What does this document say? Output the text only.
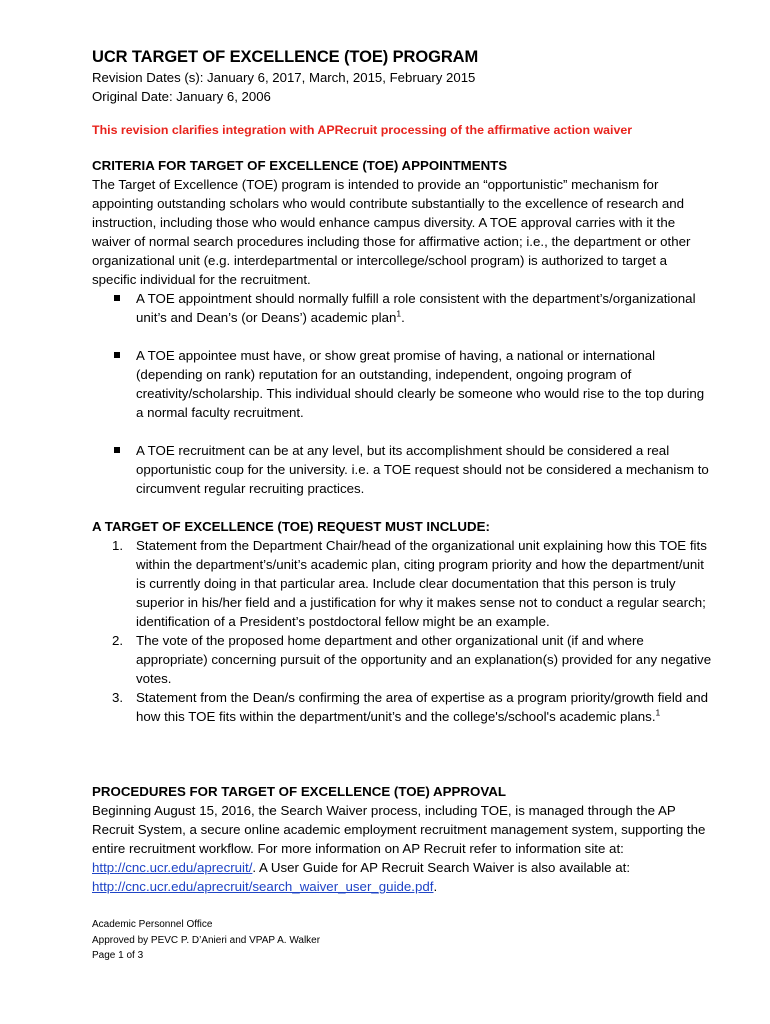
UCR TARGET OF EXCELLENCE (TOE) PROGRAM

Revision Dates (s): January 6, 2017, March, 2015, February 2015

Original Date: January 6, 2006

This revision clarifies integration with APRecruit processing of the affirmative action waiver

CRITERIA FOR TARGET OF EXCELLENCE (TOE) APPOINTMENTS

The Target of Excellence (TOE) program is intended to provide an “opportunistic” mechanism for appointing outstanding scholars who would contribute substantially to the excellence of research and instruction, including those who would enhance campus diversity. A TOE approval carries with it the waiver of normal search procedures including those for affirmative action; i.e., the department or other organizational unit (e.g. interdepartmental or intercollege/school program) is authorized to target a specific individual for the recruitment.

A TOE appointment should normally fulfill a role consistent with the department’s/organizational unit’s and Dean’s (or Deans’) academic plan$^1$.
A TOE appointee must have, or show great promise of having, a national or international (depending on rank) reputation for an outstanding, independent, ongoing program of creativity/scholarship. This individual should clearly be someone who would rise to the top during a normal faculty recruitment.
A TOE recruitment can be at any level, but its accomplishment should be considered a real opportunistic coup for the university. i.e. a TOE request should not be considered a mechanism to circumvent regular recruiting practices.
A TARGET OF EXCELLENCE (TOE) REQUEST MUST INCLUDE:
1. Statement from the Department Chair/head of the organizational unit explaining how this TOE fits within the department’s/unit’s academic plan, citing program priority and how the department/unit is currently doing in that particular area. Include clear documentation that this person is truly superior in his/her field and a justification for why it makes sense not to conduct a regular search; identification of a President’s postdoctoral fellow might be an example.
2. The vote of the proposed home department and other organizational unit (if and where appropriate) concerning pursuit of the opportunity and an explanation(s) provided for any negative votes.
3. Statement from the Dean/s confirming the area of expertise as a program priority/growth field and how this TOE fits within the department/unit’s and the college's/school's academic plans.$^1$
PROCEDURES FOR TARGET OF EXCELLENCE (TOE) APPROVAL

Beginning August 15, 2016, the Search Waiver process, including TOE, is managed through the AP Recruit System, a secure online academic employment recruitment management system, supporting the entire recruitment workflow. For more information on AP Recruit refer to information site at: http://cnc.ucr.edu/aprecruit/. A User Guide for AP Recruit Search Waiver is also available at: http://cnc.ucr.edu/aprecruit/search_waiver_user_guide.pdf.

Academic Personnel Office

Approved by PEVC P. D’Anieri and VPAP A. Walker

Page 1 of 3
